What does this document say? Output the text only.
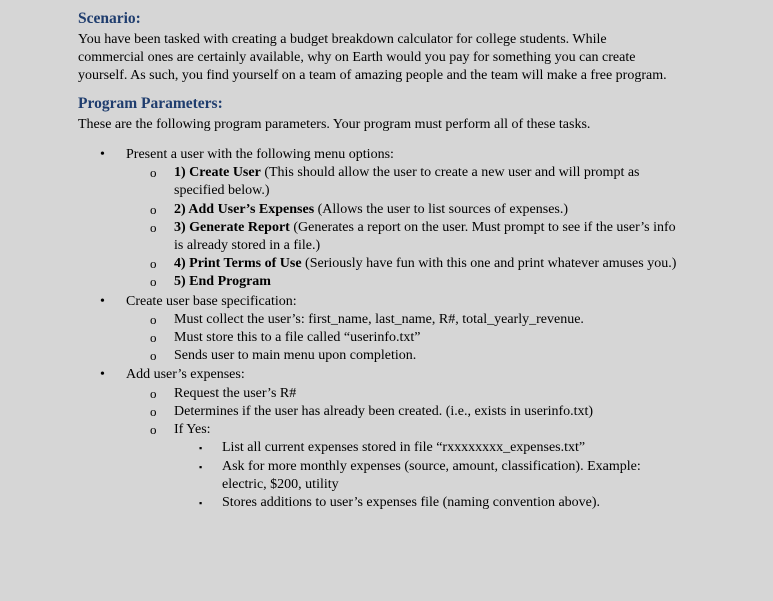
Scenario:
You have been tasked with creating a budget breakdown calculator for college students. While
commercial ones are certainly available, why on Earth would you pay for something you can create
yourself. As such, you find yourself on a team of amazing people and the team will make a free program.
Program Parameters:
These are the following program parameters. Your program must perform all of these tasks.
• Present a user with the following menu options:
o 1) Create User (This should allow the user to create a new user and will prompt as
specified below.)
o 2) Add User’s Expenses (Allows the user to list sources of expenses.)
o 3) Generate Report (Generates a report on the user. Must prompt to see if the user’s info
is already stored in a file.)
o 4) Print Terms of Use (Seriously have fun with this one and print whatever amuses you.)
o 5) End Program
• Create user base specification:
o Must collect the user’s: first_name, last_name, R#, total_yearly_revenue.
o Must store this to a file called “userinfo.txt”
o Sends user to main menu upon completion.
• Add user’s expenses:
o Request the user’s R#
o Determines if the user has already been created. (i.e., exists in userinfo.txt)
o If Yes:
▪ List all current expenses stored in file “rxxxxxxxx_expenses.txt”
▪ Ask for more monthly expenses (source, amount, classification). Example:
electric, $200, utility
▪ Stores additions to user’s expenses file (naming convention above).
